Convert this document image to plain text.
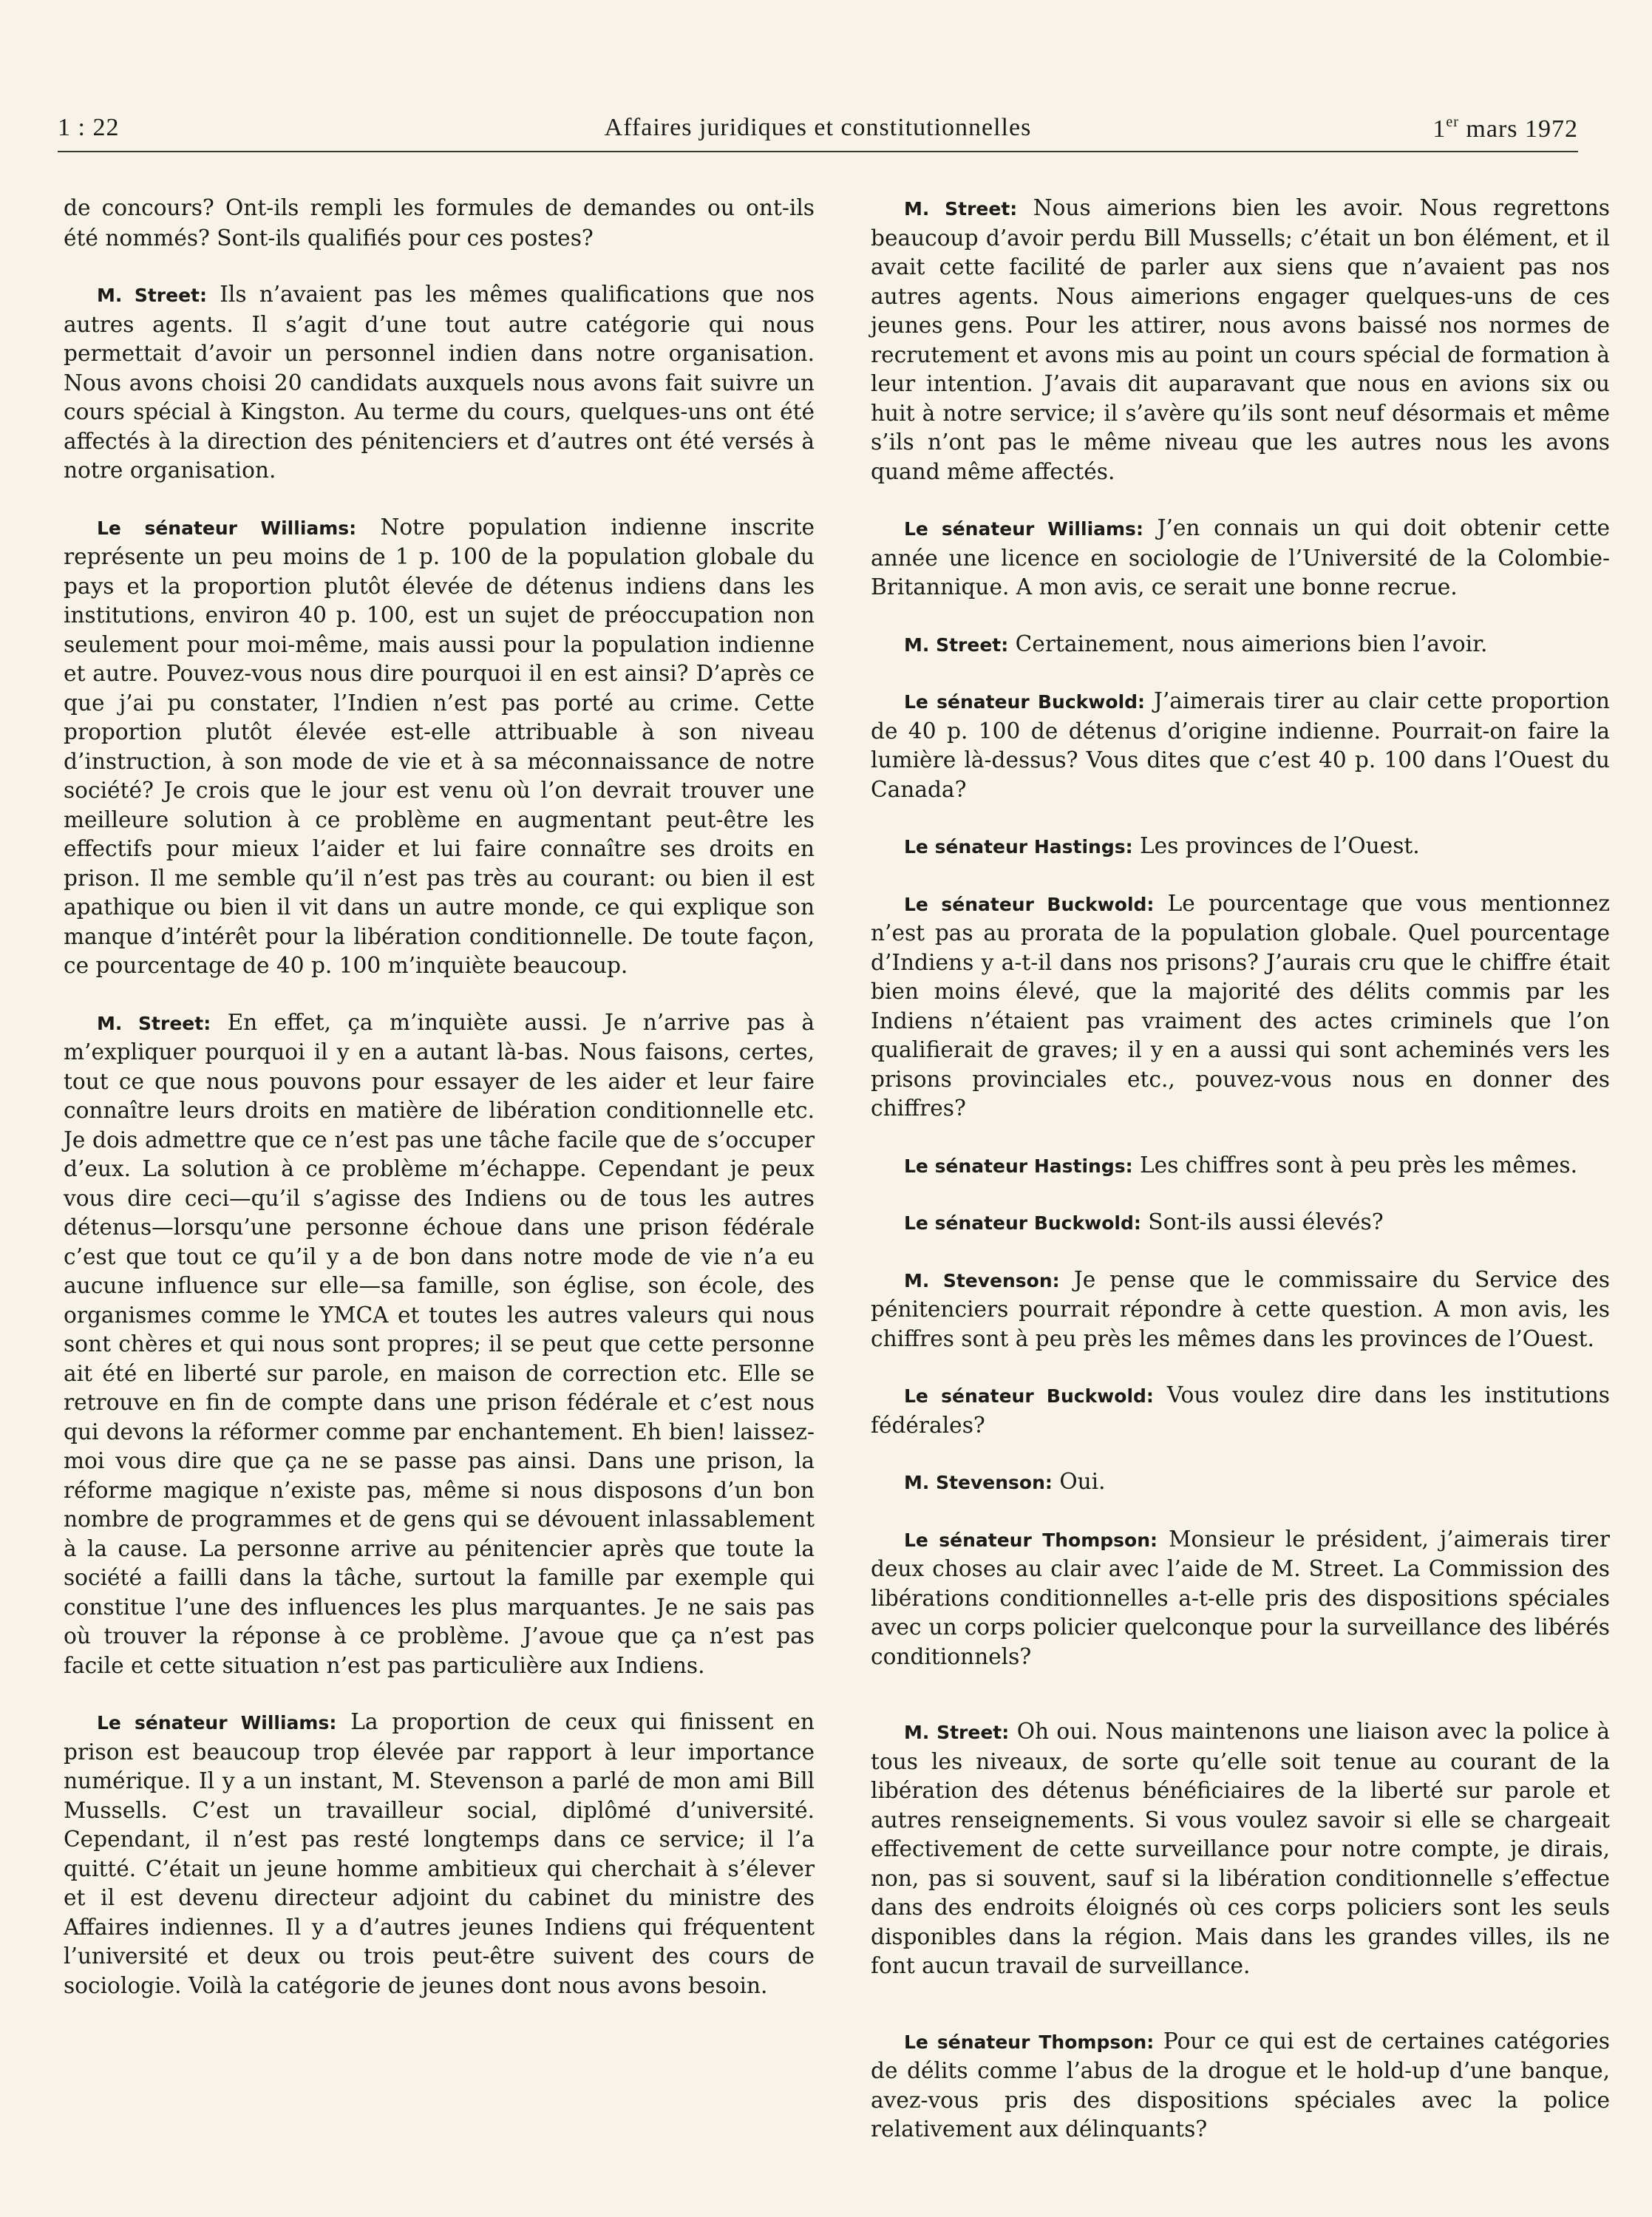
1 : 22	Affaires juridiques et constitutionnelles	1er mars 1972

de concours? Ont-ils rempli les formules de demandes ou ont-ils été nommés? Sont-ils qualifiés pour ces postes?

M. Street: Ils n’avaient pas les mêmes qualifications que nos autres agents. Il s’agit d’une tout autre catégorie qui nous permettait d’avoir un personnel indien dans notre organisation. Nous avons choisi 20 candidats auxquels nous avons fait suivre un cours spécial à Kingston. Au terme du cours, quelques-uns ont été affectés à la direction des pénitenciers et d’autres ont été versés à notre organisation.

Le sénateur Williams: Notre population indienne inscrite représente un peu moins de 1 p. 100 de la population globale du pays et la proportion plutôt élevée de détenus indiens dans les institutions, environ 40 p. 100, est un sujet de préoccupation non seulement pour moi-même, mais aussi pour la population indienne et autre. Pouvez-vous nous dire pourquoi il en est ainsi? D’après ce que j’ai pu constater, l’Indien n’est pas porté au crime. Cette proportion plutôt élevée est-elle attribuable à son niveau d’instruction, à son mode de vie et à sa méconnaissance de notre société? Je crois que le jour est venu où l’on devrait trouver une meilleure solution à ce problème en augmentant peut-être les effectifs pour mieux l’aider et lui faire connaître ses droits en prison. Il me semble qu’il n’est pas très au courant: ou bien il est apathique ou bien il vit dans un autre monde, ce qui explique son manque d’intérêt pour la libération conditionnelle. De toute façon, ce pourcentage de 40 p. 100 m’inquiète beaucoup.

M. Street: En effet, ça m’inquiète aussi. Je n’arrive pas à m’expliquer pourquoi il y en a autant là-bas. Nous faisons, certes, tout ce que nous pouvons pour essayer de les aider et leur faire connaître leurs droits en matière de libération conditionnelle etc. Je dois admettre que ce n’est pas une tâche facile que de s’occuper d’eux. La solution à ce problème m’échappe. Cependant je peux vous dire ceci—qu’il s’agisse des Indiens ou de tous les autres détenus—lorsqu’une personne échoue dans une prison fédérale c’est que tout ce qu’il y a de bon dans notre mode de vie n’a eu aucune influence sur elle—sa famille, son église, son école, des organismes comme le YMCA et toutes les autres valeurs qui nous sont chères et qui nous sont propres; il se peut que cette personne ait été en liberté sur parole, en maison de correction etc. Elle se retrouve en fin de compte dans une prison fédérale et c’est nous qui devons la réformer comme par enchantement. Eh bien! laissez- moi vous dire que ça ne se passe pas ainsi. Dans une prison, la réforme magique n’existe pas, même si nous disposons d’un bon nombre de programmes et de gens qui se dévouent inlassablement à la cause. La personne arrive au pénitencier après que toute la société a failli dans la tâche, surtout la famille par exemple qui constitue l’une des influences les plus marquantes. Je ne sais pas où trouver la réponse à ce problème. J’avoue que ça n’est pas facile et cette situation n’est pas particulière aux Indiens.

Le sénateur Williams: La proportion de ceux qui finissent en prison est beaucoup trop élevée par rapport à leur importance numérique. Il y a un instant, M. Stevenson a parlé de mon ami Bill Mussells. C’est un travailleur social, diplômé d’université. Cependant, il n’est pas resté longtemps dans ce service; il l’a quitté. C’était un jeune homme ambitieux qui cherchait à s’élever et il est devenu directeur adjoint du cabinet du ministre des Affaires indiennes. Il y a d’autres jeunes Indiens qui fréquentent l’université et deux ou trois peut-être suivent des cours de sociologie. Voilà la catégorie de jeunes dont nous avons besoin.

M. Street: Nous aimerions bien les avoir. Nous regrettons beaucoup d’avoir perdu Bill Mussells; c’était un bon élément, et il avait cette facilité de parler aux siens que n’avaient pas nos autres agents. Nous aimerions engager quelques-uns de ces jeunes gens. Pour les attirer, nous avons baissé nos normes de recrutement et avons mis au point un cours spécial de formation à leur intention. J’avais dit auparavant que nous en avions six ou huit à notre service; il s’avère qu’ils sont neuf désormais et même s’ils n’ont pas le même niveau que les autres nous les avons quand même affectés.

Le sénateur Williams: J’en connais un qui doit obtenir cette année une licence en sociologie de l’Université de la Colombie-Britannique. A mon avis, ce serait une bonne recrue.

M. Street: Certainement, nous aimerions bien l’avoir.

Le sénateur Buckwold: J’aimerais tirer au clair cette proportion de 40 p. 100 de détenus d’origine indienne. Pourrait-on faire la lumière là-dessus? Vous dites que c’est 40 p. 100 dans l’Ouest du Canada?

Le sénateur Hastings: Les provinces de l’Ouest.

Le sénateur Buckwold: Le pourcentage que vous mentionnez n’est pas au prorata de la population globale. Quel pourcentage d’Indiens y a-t-il dans nos prisons? J’aurais cru que le chiffre était bien moins élevé, que la majorité des délits commis par les Indiens n’étaient pas vraiment des actes criminels que l’on qualifierait de graves; il y en a aussi qui sont acheminés vers les prisons provinciales etc., pouvez-vous nous en donner des chiffres?

Le sénateur Hastings: Les chiffres sont à peu près les mêmes.

Le sénateur Buckwold: Sont-ils aussi élevés?

M. Stevenson: Je pense que le commissaire du Service des pénitenciers pourrait répondre à cette question. A mon avis, les chiffres sont à peu près les mêmes dans les provinces de l’Ouest.

Le sénateur Buckwold: Vous voulez dire dans les institutions fédérales?

M. Stevenson: Oui.

Le sénateur Thompson: Monsieur le président, j’aimerais tirer deux choses au clair avec l’aide de M. Street. La Commission des libérations conditionnelles a-t-elle pris des dispositions spéciales avec un corps policier quelconque pour la surveillance des libérés conditionnels?

M. Street: Oh oui. Nous maintenons une liaison avec la police à tous les niveaux, de sorte qu’elle soit tenue au courant de la libération des détenus bénéficiaires de la liberté sur parole et autres renseignements. Si vous voulez savoir si elle se chargeait effectivement de cette surveillance pour notre compte, je dirais, non, pas si souvent, sauf si la libération conditionnelle s’effectue dans des endroits éloignés où ces corps policiers sont les seuls disponibles dans la région. Mais dans les grandes villes, ils ne font aucun travail de surveillance.

Le sénateur Thompson: Pour ce qui est de certaines catégories de délits comme l’abus de la drogue et le hold-up d’une banque, avez-vous pris des dispositions spéciales avec la police relativement aux délinquants?
